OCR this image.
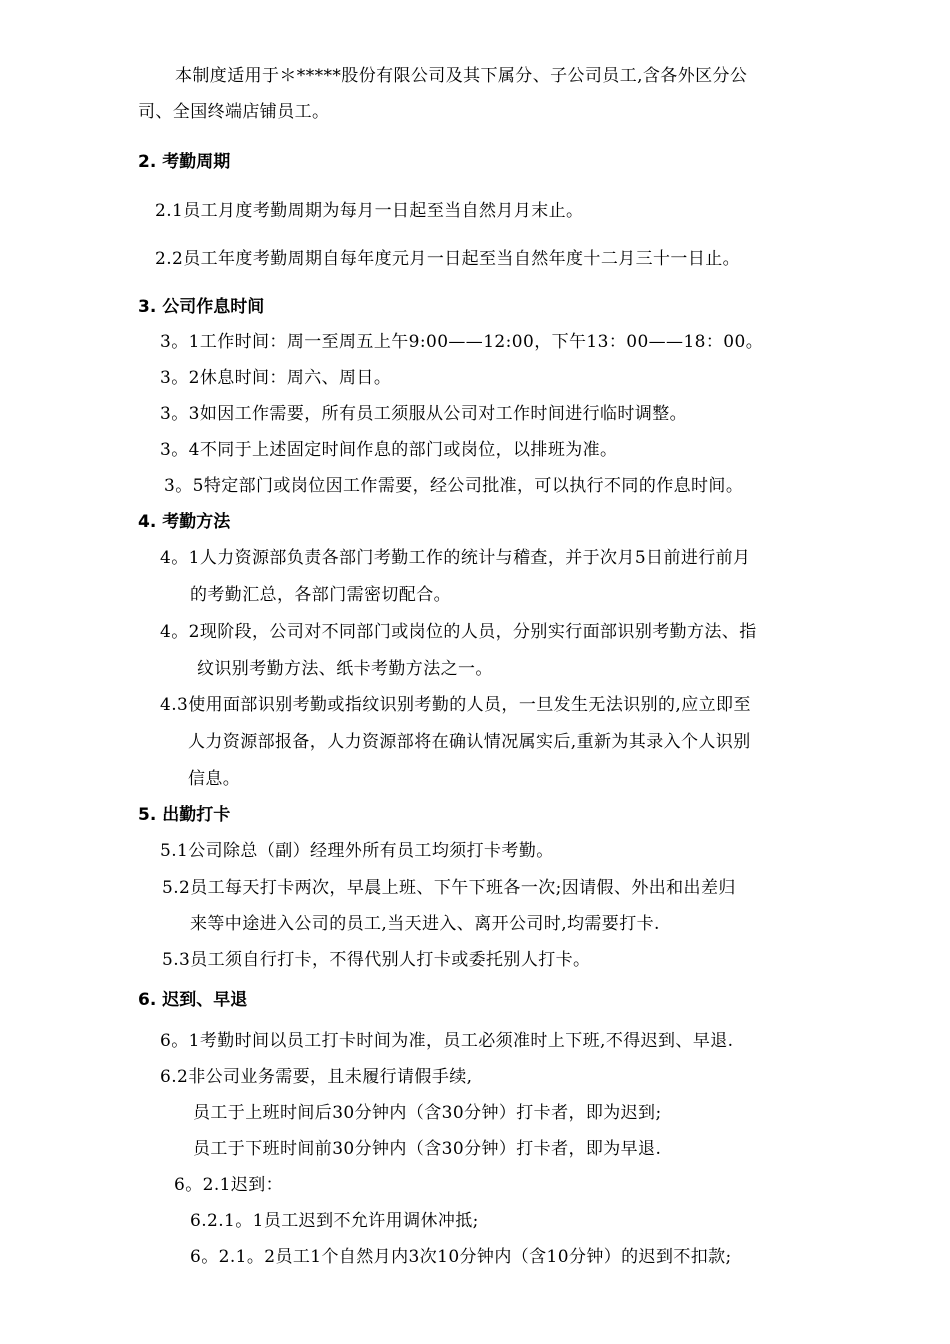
本制度适用于＊*****股份有限公司及其下属分、子公司员工,含各外区分公
司、全国终端店铺员工。
2. 考勤周期
2.1员工月度考勤周期为每月一日起至当自然月月末止。
2.2员工年度考勤周期自每年度元月一日起至当自然年度十二月三十一日止。
3. 公司作息时间
3。1工作时间：周一至周五上午9:00——12:00，下午13：00——18：00。
3。2休息时间：周六、周日。
3。3如因工作需要，所有员工须服从公司对工作时间进行临时调整。
3。4不同于上述固定时间作息的部门或岗位，以排班为准。
3。5特定部门或岗位因工作需要，经公司批准，可以执行不同的作息时间。
4. 考勤方法
4。1人力资源部负责各部门考勤工作的统计与稽查，并于次月5日前进行前月
的考勤汇总，各部门需密切配合。
4。2现阶段，公司对不同部门或岗位的人员，分别实行面部识别考勤方法、指
纹识别考勤方法、纸卡考勤方法之一。
4.3使用面部识别考勤或指纹识别考勤的人员，一旦发生无法识别的,应立即至
人力资源部报备，人力资源部将在确认情况属实后,重新为其录入个人识别
信息。
5. 出勤打卡
5.1公司除总（副）经理外所有员工均须打卡考勤。
5.2员工每天打卡两次，早晨上班、下午下班各一次;因请假、外出和出差归
来等中途进入公司的员工,当天进入、离开公司时,均需要打卡.
5.3员工须自行打卡，不得代别人打卡或委托别人打卡。
6. 迟到、早退
6。1考勤时间以员工打卡时间为准，员工必须准时上下班,不得迟到、早退.
6.2非公司业务需要，且未履行请假手续,
员工于上班时间后30分钟内（含30分钟）打卡者，即为迟到;
员工于下班时间前30分钟内（含30分钟）打卡者，即为早退.
6。2.1迟到：
6.2.1。1员工迟到不允许用调休冲抵;
6。2.1。2员工1个自然月内3次10分钟内（含10分钟）的迟到不扣款;
